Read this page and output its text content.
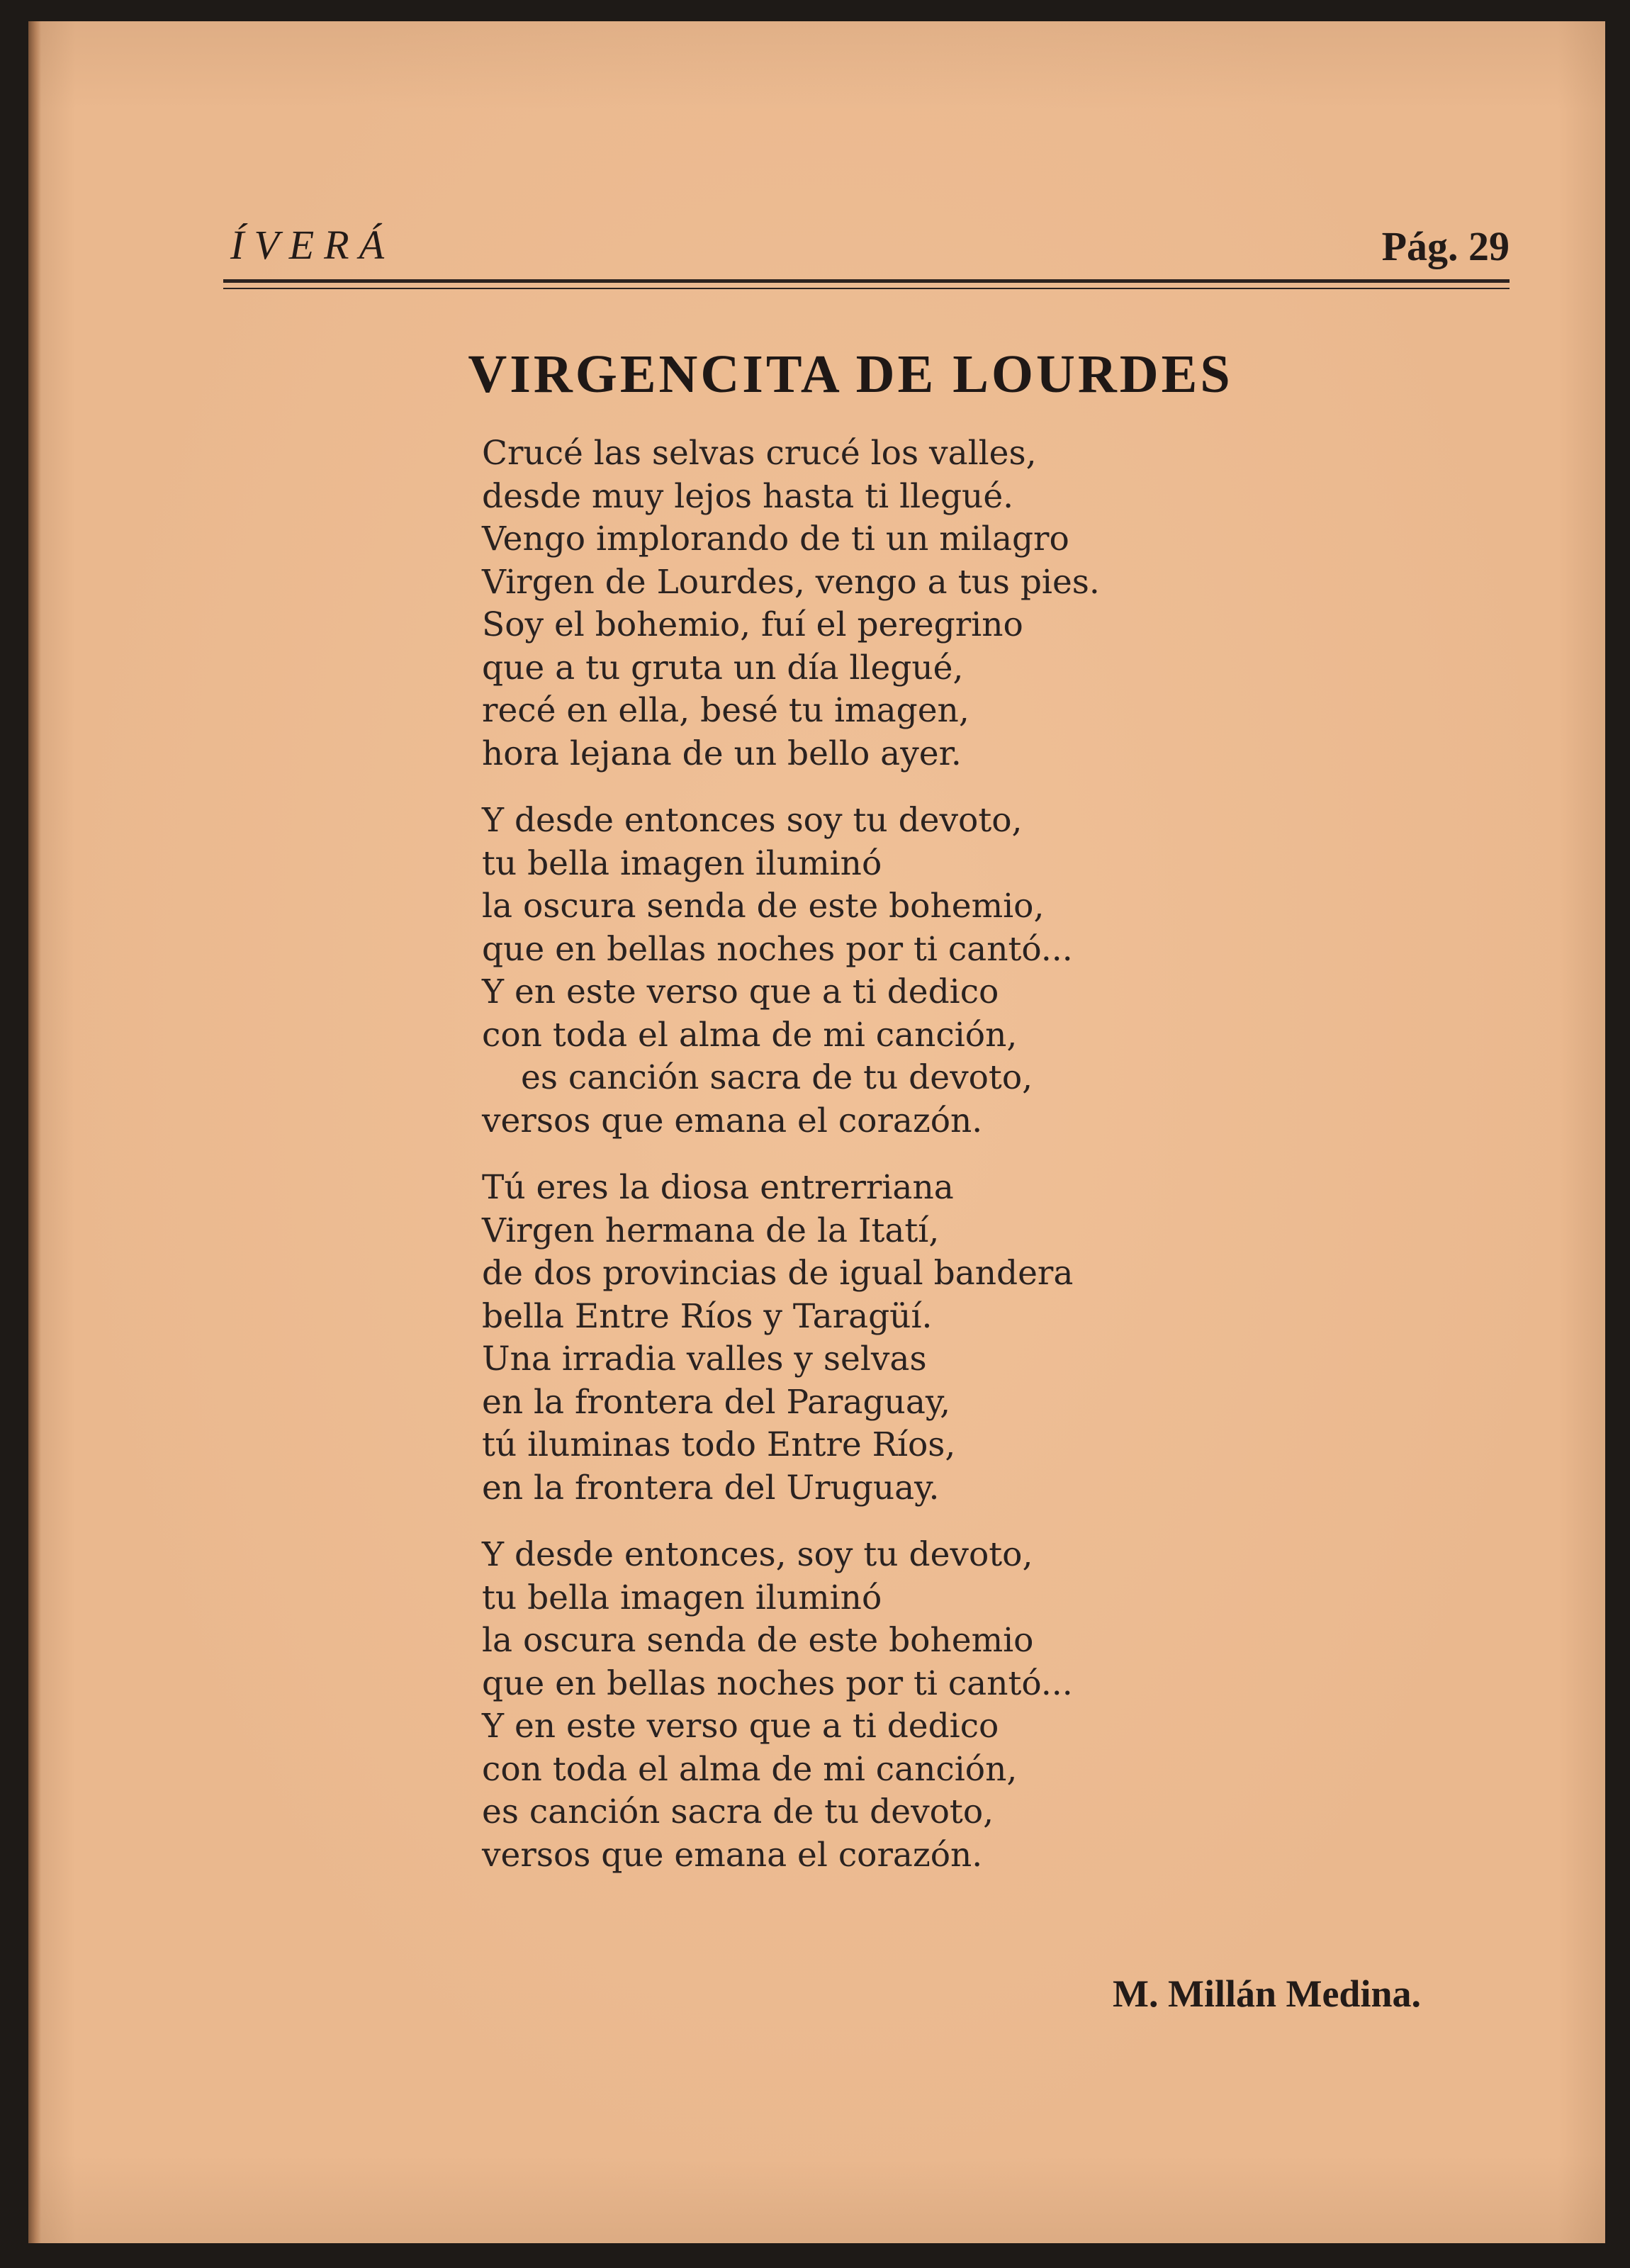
ÍVERÁ	Pág. 29
VIRGENCITA DE LOURDES
Crucé las selvas crucé los valles,
desde muy lejos hasta ti llegué.
Vengo implorando de ti un milagro
Virgen de Lourdes, vengo a tus pies.
Soy el bohemio, fuí el peregrino
que a tu gruta un día llegué,
recé en ella, besé tu imagen,
hora lejana de un bello ayer.
Y desde entonces soy tu devoto,
tu bella imagen iluminó
la oscura senda de este bohemio,
que en bellas noches por ti cantó...
Y en este verso que a ti dedico
con toda el alma de mi canción,
es canción sacra de tu devoto,
versos que emana el corazón.
Tú eres la diosa entrerriana
Virgen hermana de la Itatí,
de dos provincias de igual bandera
bella Entre Ríos y Taragüí.
Una irradia valles y selvas
en la frontera del Paraguay,
tú iluminas todo Entre Ríos,
en la frontera del Uruguay.
Y desde entonces, soy tu devoto,
tu bella imagen iluminó
la oscura senda de este bohemio
que en bellas noches por ti cantó...
Y en este verso que a ti dedico
con toda el alma de mi canción,
es canción sacra de tu devoto,
versos que emana el corazón.
M. Millán Medina.
